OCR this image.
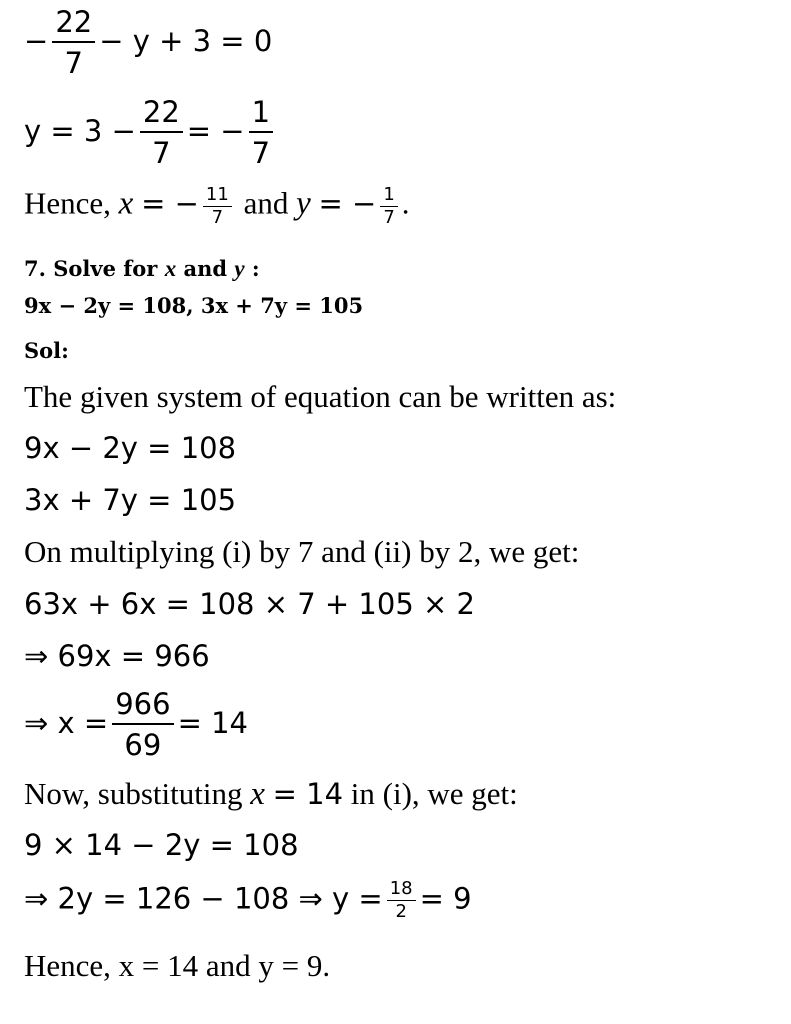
− $\frac{22}{7} - y + 3 = 0$
$y = 3 - \frac{22}{7}$ = − $\frac{1}{7}$
Hence, x = − $\frac{11}{7}$ and y = − $\frac{1}{7}$ .
7. Solve for x and y :
9x − 2y = 108, 3x + 7y = 105
Sol:
The given system of equation can be written as:
9x − 2y = 108
3x + 7y = 105
On multiplying (i) by 7 and (ii) by 2, we get:
63x + 6x = 108 × 7 + 105 × 2
⇒ 69x = 966
⇒ $x = \frac{966}{69} = 14$
Now, substituting x = 14 in (i), we get:
9 × 14 − 2y = 108
⇒ 2y = 126 − 108 ⇒ $y = \frac{18}{2} = 9$
Hence, x = 14 and y = 9.
